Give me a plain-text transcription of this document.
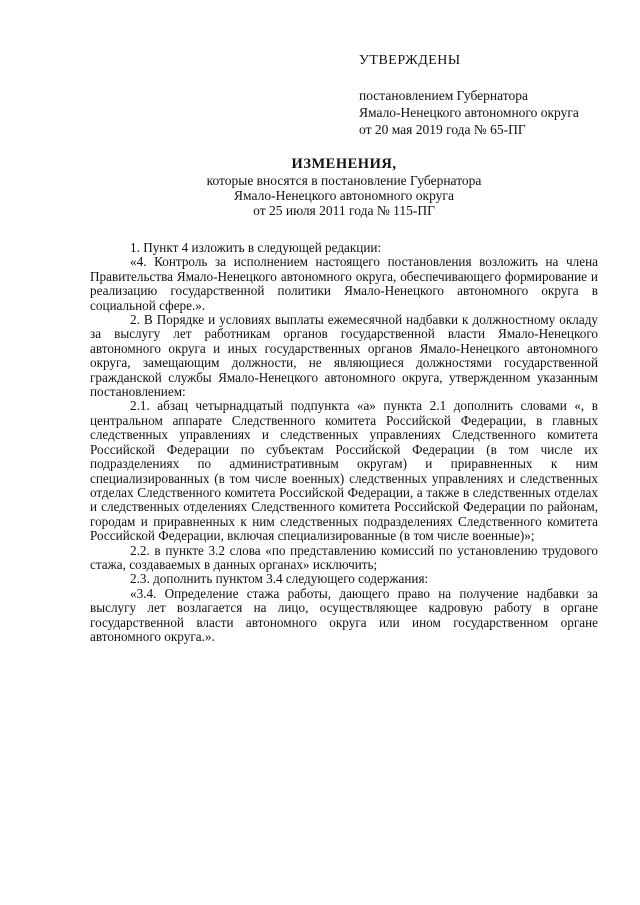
УТВЕРЖДЕНЫ
постановлением Губернатора
Ямало-Ненецкого автономного округа
от 20 мая 2019 года № 65-ПГ
ИЗМЕНЕНИЯ,
которые вносятся в постановление Губернатора
Ямало-Ненецкого автономного округа
от 25 июля 2011 года № 115-ПГ

1. Пункт 4 изложить в следующей редакции:

«4. Контроль за исполнением настоящего постановления возложить на члена Правительства Ямало-Ненецкого автономного округа, обеспечивающего формирование и реализацию государственной политики Ямало-Ненецкого автономного округа в социальной сфере.».

2. В Порядке и условиях выплаты ежемесячной надбавки к должностному окладу за выслугу лет работникам органов государственной власти Ямало-Ненецкого автономного округа и иных государственных органов Ямало-Ненецкого автономного округа, замещающим должности, не являющиеся должностями государственной гражданской службы Ямало-Ненецкого автономного округа, утвержденном указанным постановлением:

2.1. абзац четырнадцатый подпункта «а» пункта 2.1 дополнить словами «, в центральном аппарате Следственного комитета Российской Федерации, в главных следственных управлениях и следственных управлениях Следственного комитета Российской Федерации по субъектам Российской Федерации (в том числе их подразделениях по административным округам) и приравненных к ним специализированных (в том числе военных) следственных управлениях и следственных отделах Следственного комитета Российской Федерации, а также в следственных отделах и следственных отделениях Следственного комитета Российской Федерации по районам, городам и приравненных к ним следственных подразделениях Следственного комитета Российской Федерации, включая специализированные (в том числе военные)»;

2.2. в пункте 3.2 слова «по представлению комиссий по установлению трудового стажа, создаваемых в данных органах» исключить;

2.3. дополнить пунктом 3.4 следующего содержания:

«3.4. Определение стажа работы, дающего право на получение надбавки за выслугу лет возлагается на лицо, осуществляющее кадровую работу в органе государственной власти автономного округа или ином государственном органе автономного округа.».
